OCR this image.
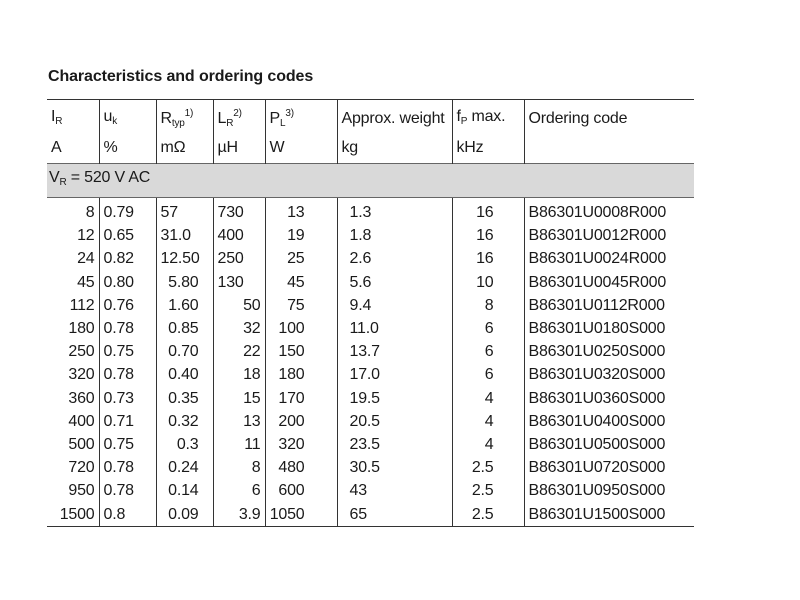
Characteristics and ordering codes
$I_R$	$u_k$	$R_{typ}^{1)}$	$L_R^{2)}$	$P_L^{3)}$	Approx. weight	$f_P$ max.	Ordering code
A	%	mΩ	µH	W	kg	kHz	
$V_R = 520$ V AC							

8	0.79	57	730	13	1.3	16	B86301U0008R000
12	0.65	31.0	400	19	1.8	16	B86301U0012R000
24	0.82	12.50	250	25	2.6	16	B86301U0024R000
45	0.80	5.80	130	45	5.6	10	B86301U0045R000
112	0.76	1.60	50	75	9.4	8	B86301U0112R000
180	0.78	0.85	32	100	11.0	6	B86301U0180S000
250	0.75	0.70	22	150	13.7	6	B86301U0250S000
320	0.78	0.40	18	180	17.0	6	B86301U0320S000
360	0.73	0.35	15	170	19.5	4	B86301U0360S000
400	0.71	0.32	13	200	20.5	4	B86301U0400S000
500	0.75	0.3	11	320	23.5	4	B86301U0500S000
720	0.78	0.24	8	480	30.5	2.5	B86301U0720S000
950	0.78	0.14	6	600	43	2.5	B86301U0950S000
1500	0.8	0.09	3.9	1050	65	2.5	B86301U1500S000
